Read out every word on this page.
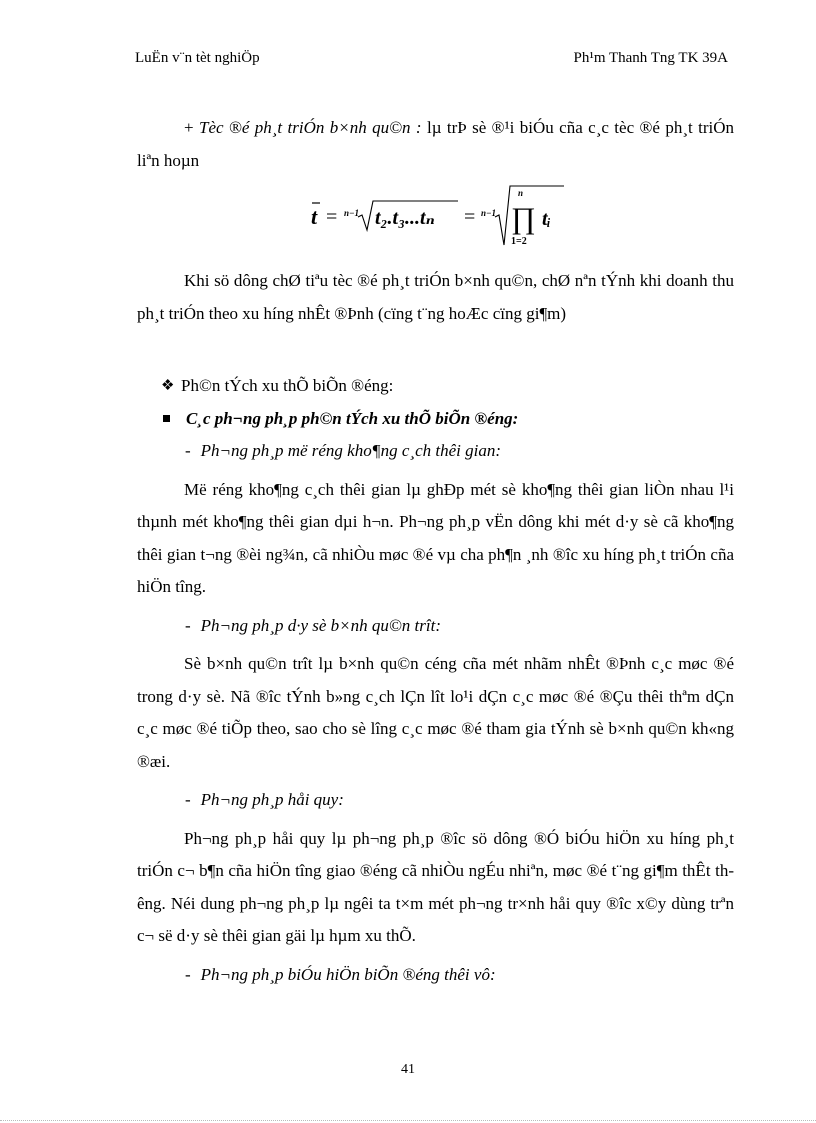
LuËn v¨n tèt nghiÖp	Ph¹m Thanh Tng TK 39A

+ Tèc ®é ph¸t triÓn b×nh qu©n : lµ trÞ sè ®¹i biÓu cña c¸c tèc ®é ph¸t triÓn liªn hoµn

t = n−1 t₂.t₃...tₙ = n−1
n
∏
1=2
tᵢ

Khi sö dông chØ tiªu tèc ®é ph¸t triÓn b×nh qu©n, chØ nªn tÝnh khi doanh thu ph¸t triÓn theo xu híng nhÊt ®Þnh (cïng t¨ng hoÆc cïng gi¶m)

❖ Ph©n tÝch xu thÕ biÕn ®éng:
C¸c ph¬ng ph¸p ph©n tÝch xu thÕ biÕn ®éng:
- Ph¬ng ph¸p më réng kho¶ng c¸ch thêi gian:

Më réng kho¶ng c¸ch thêi gian lµ ghÐp mét sè kho¶ng thêi gian liÒn nhau l¹i thµnh mét kho¶ng thêi gian dµi h¬n. Ph¬ng ph¸p vËn dông khi mét d·y sè cã kho¶ng thêi gian t¬ng ®èi ng¾n, cã nhiÒu møc ®é vµ cha ph¶n ¸nh ®îc xu híng ph¸t triÓn cña hiÖn tîng.

- Ph¬ng ph¸p d·y sè b×nh qu©n trît:

Sè b×nh qu©n trît lµ b×nh qu©n céng cña mét nhãm nhÊt ®Þnh c¸c møc ®é trong d·y sè. Nã ®îc tÝnh b»ng c¸ch lÇn lît lo¹i dÇn c¸c møc ®é ®Çu thêi thªm dÇn c¸c møc ®é tiÕp theo, sao cho sè lîng c¸c møc ®é tham gia tÝnh sè b×nh qu©n kh«ng ®æi.

- Ph¬ng ph¸p håi quy:

Ph¬ng ph¸p håi quy lµ ph¬ng ph¸p ®îc sö dông ®Ó biÓu hiÖn xu híng ph¸t triÓn c¬ b¶n cña hiÖn tîng giao ®éng cã nhiÒu ngÉu nhiªn, møc ®é t¨ng gi¶m thÊt thêng. Néi dung ph¬ng ph¸p lµ ngêi ta t×m mét ph¬ng tr×nh håi quy ®îc x©y dùng trªn c¬ së d·y sè thêi gian gäi lµ hµm xu thÕ.

- Ph¬ng ph¸p biÓu hiÖn biÕn ®éng thêi vô:
41
